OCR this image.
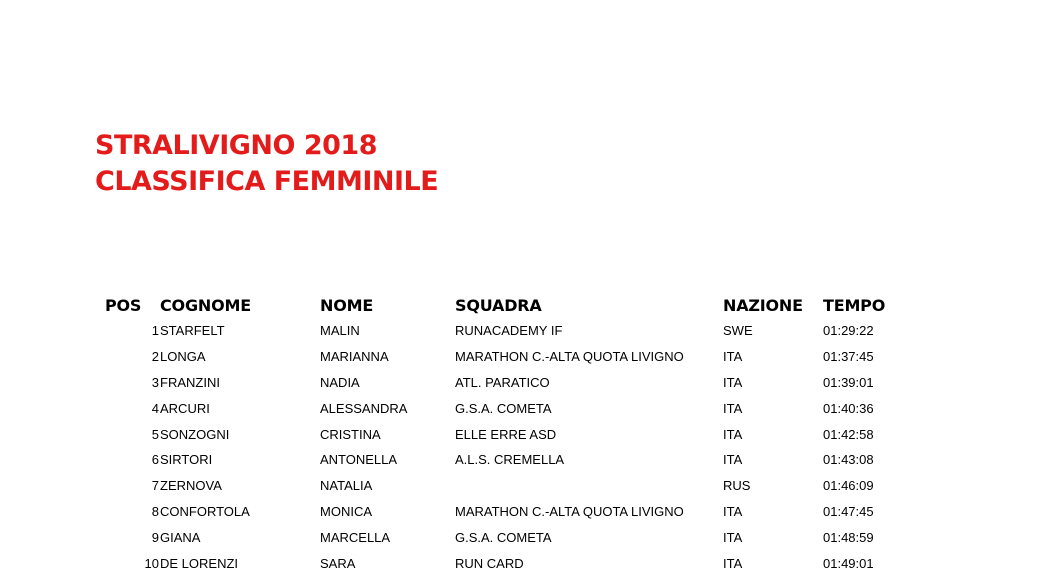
STRALIVIGNO 2018
CLASSIFICA FEMMINILE
POS	COGNOME	NOME	SQUADRA	NAZIONE	TEMPO
1	STARFELT	MALIN	RUNACADEMY IF	SWE	01:29:22
2	LONGA	MARIANNA	MARATHON C.-ALTA QUOTA LIVIGNO	ITA	01:37:45
3	FRANZINI	NADIA	ATL. PARATICO	ITA	01:39:01
4	ARCURI	ALESSANDRA	G.S.A. COMETA	ITA	01:40:36
5	SONZOGNI	CRISTINA	ELLE ERRE ASD	ITA	01:42:58
6	SIRTORI	ANTONELLA	A.L.S. CREMELLA	ITA	01:43:08
7	ZERNOVA	NATALIA		RUS	01:46:09
8	CONFORTOLA	MONICA	MARATHON C.-ALTA QUOTA LIVIGNO	ITA	01:47:45
9	GIANA	MARCELLA	G.S.A. COMETA	ITA	01:48:59
10	DE LORENZI	SARA	RUN CARD	ITA	01:49:01
